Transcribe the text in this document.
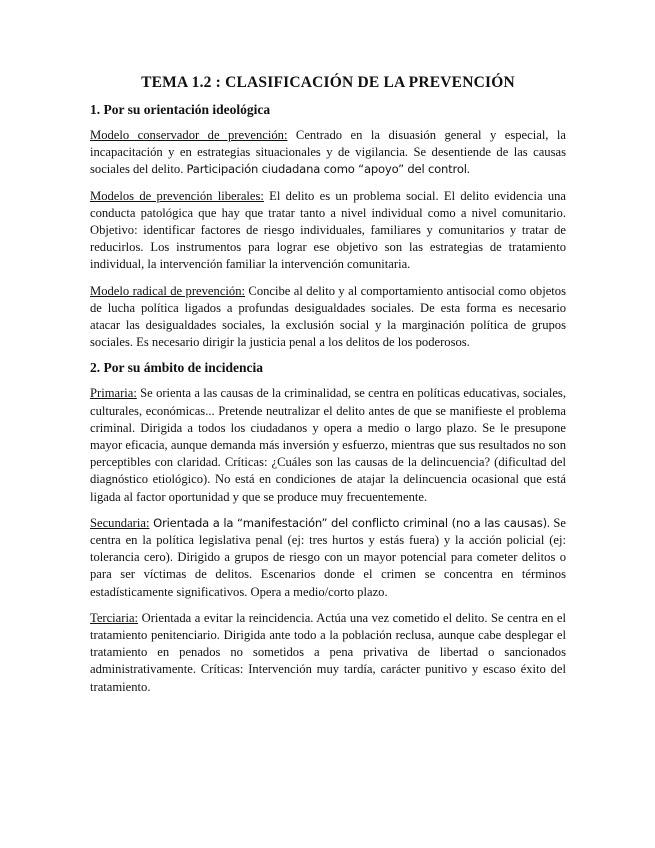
TEMA 1.2 : CLASIFICACIÓN DE LA PREVENCIÓN
1. Por su orientación ideológica

Modelo conservador de prevención: Centrado en la disuasión general y especial, la incapacitación y en estrategias situacionales y de vigilancia. Se desentiende de las causas sociales del delito. Participación ciudadana como “apoyo” del control.

Modelos de prevención liberales: El delito es un problema social. El delito evidencia una conducta patológica que hay que tratar tanto a nivel individual como a nivel comunitario. Objetivo: identificar factores de riesgo individuales, familiares y comunitarios y tratar de reducirlos. Los instrumentos para lograr ese objetivo son las estrategias de tratamiento individual, la intervención familiar la intervención comunitaria.

Modelo radical de prevención: Concibe al delito y al comportamiento antisocial como objetos de lucha política ligados a profundas desigualdades sociales. De esta forma es necesario atacar las desigualdades sociales, la exclusión social y la marginación política de grupos sociales. Es necesario dirigir la justicia penal a los delitos de los poderosos.

2. Por su ámbito de incidencia

Primaria: Se orienta a las causas de la criminalidad, se centra en políticas educativas, sociales, culturales, económicas... Pretende neutralizar el delito antes de que se manifieste el problema criminal. Dirigida a todos los ciudadanos y opera a medio o largo plazo. Se le presupone mayor eficacia, aunque demanda más inversión y esfuerzo, mientras que sus resultados no son perceptibles con claridad. Críticas: ¿Cuáles son las causas de la delincuencia? (dificultad del diagnóstico etiológico). No está en condiciones de atajar la delincuencia ocasional que está ligada al factor oportunidad y que se produce muy frecuentemente.

Secundaria: Orientada a la “manifestación” del conflicto criminal (no a las causas). Se centra en la política legislativa penal (ej: tres hurtos y estás fuera) y la acción policial (ej: tolerancia cero). Dirigido a grupos de riesgo con un mayor potencial para cometer delitos o para ser víctimas de delitos. Escenarios donde el crimen se concentra en términos estadísticamente significativos. Opera a medio/corto plazo.

Terciaria: Orientada a evitar la reincidencia. Actúa una vez cometido el delito. Se centra en el tratamiento penitenciario. Dirigida ante todo a la población reclusa, aunque cabe desplegar el tratamiento en penados no sometidos a pena privativa de libertad o sancionados administrativamente. Críticas: Intervención muy tardía, carácter punitivo y escaso éxito del tratamiento.
